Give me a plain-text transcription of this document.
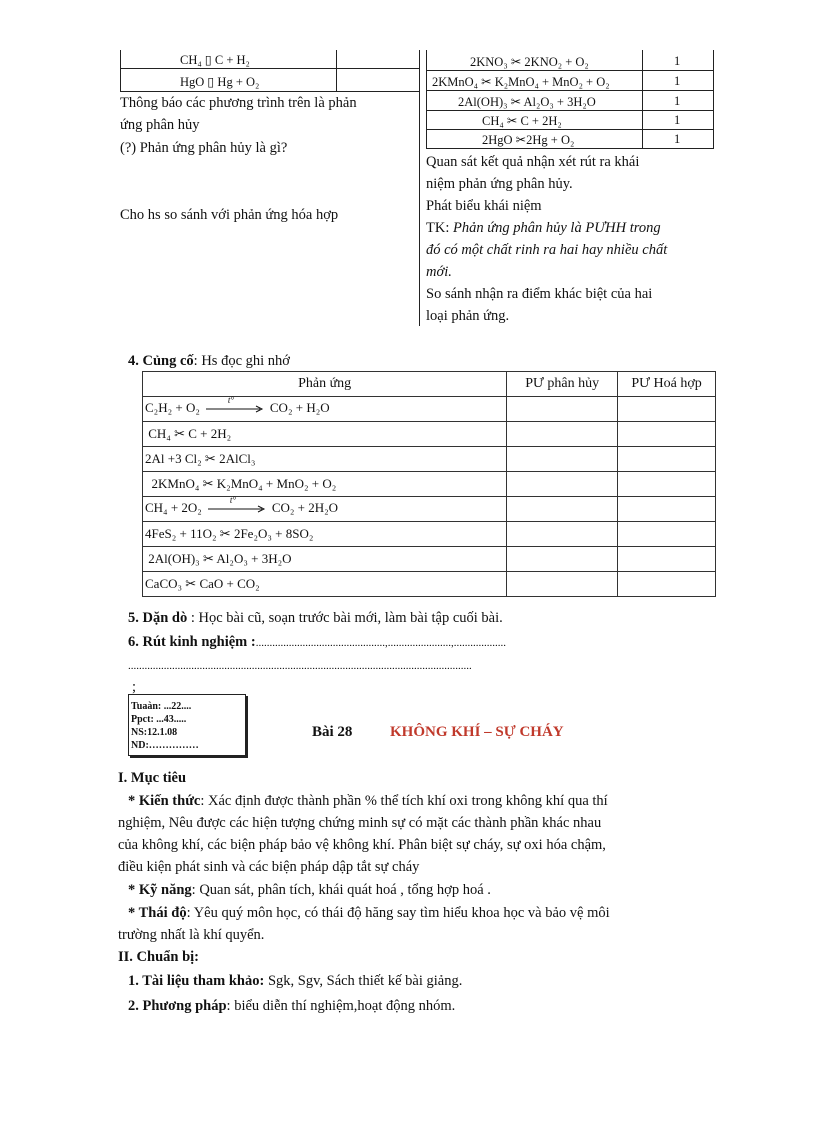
CH₄ ▯ C + H₂
HgO ▯ Hg + O₂
2KNO₃ ✂ 2KNO₂ + O₂	1
2KMnO₄ ✂ K₂MnO₄ + MnO₂ + O₂	1
2Al(OH)₃ ✂ Al₂O₃ + 3H₂O	1
CH₄ ✂ C + 2H₂	1
2HgO ✂2Hg + O₂	1
Thông báo các phương trình trên là phản
ứng phân hủy
(?) Phản ứng phân hủy là gì?
Cho hs so sánh với phản ứng hóa hợp
Quan sát kết quả nhận xét rút ra khái
niệm phản ứng phân hủy.
Phát biểu khái niệm
TK: Phản ứng phân hủy là PƯHH trong
đó có một chất rinh ra hai hay nhiều chất
mới.
So sánh nhận ra điểm khác biệt của hai
loại phản ứng.
4. Củng cố: Hs đọc ghi nhớ
Phản ứng	PƯ phân hủy	PƯ Hoá hợp
C₂H₂ + O₂ t° CO₂ + H₂O		
CH₄ ✂ C + 2H₂		
2Al +3 Cl₂ ✂ 2AlCl₃		
2KMnO₄ ✂ K₂MnO₄ + MnO₂ + O₂		
CH₄ + 2O₂ t° CO₂ + 2H₂O		
4FeS₂ + 11O₂ ✂ 2Fe₂O₃ + 8SO₂		
2Al(OH)₃ ✂ Al₂O₃ + 3H₂O		
CaCO₃ ✂ CaO + CO₂		
5. Dặn dò : Học bài cũ, soạn trước bài mới, làm bài tập cuối bài.
6. Rút kinh nghiệm :...............................................,.......................,...................
.............................................................................................................................
;
Tuaàn: ...22....
Ppct: ...43.....
NS:12.1.08
ND:……………
Bài 28	KHÔNG KHÍ – SỰ CHÁY
I. Mục tiêu
* Kiến thức: Xác định được thành phần % thể tích khí oxi trong không khí qua thí
nghiệm, Nêu được các hiện tượng chứng minh sự có mặt các thành phần khác nhau
của không khí, các biện pháp bảo vệ không khí. Phân biệt sự cháy, sự oxi hóa chậm,
điều kiện phát sinh và các biện pháp dập tắt sự cháy
* Kỹ năng: Quan sát, phân tích, khái quát hoá , tổng hợp hoá .
* Thái độ: Yêu quý môn học, có thái độ hăng say tìm hiểu khoa học và bảo vệ môi
trường nhất là khí quyển.
II. Chuẩn bị:
1. Tài liệu tham khảo: Sgk, Sgv, Sách thiết kế bài giảng.
2. Phương pháp: biểu diễn thí nghiệm,hoạt động nhóm.
